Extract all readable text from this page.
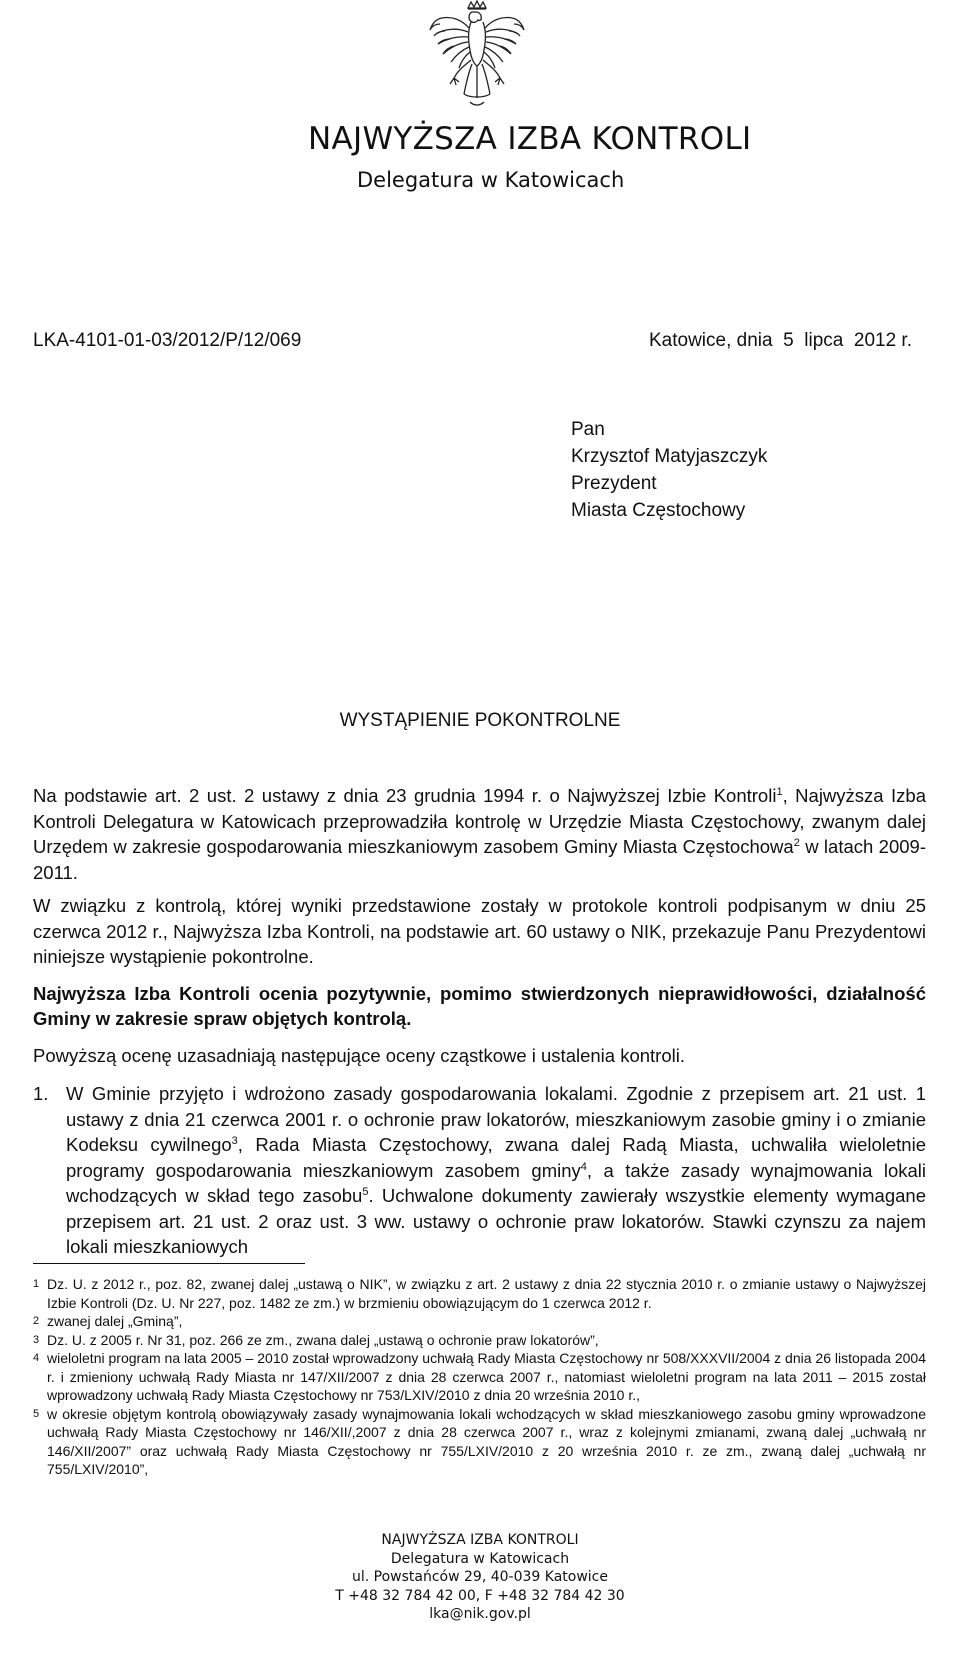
NAJWYŻSZA IZBA KONTROLI
Delegatura w Katowicach
LKA-4101-01-03/2012/P/12/069	Katowice, dnia  5  lipca  2012 r.
Pan
Krzysztof Matyjaszczyk
Prezydent
Miasta Częstochowy
WYSTĄPIENIE POKONTROLNE

Na podstawie art. 2 ust. 2 ustawy z dnia 23 grudnia 1994 r. o Najwyższej Izbie Kontroli$^1$, Najwyższa Izba Kontroli Delegatura w Katowicach przeprowadziła kontrolę w Urzędzie Miasta Częstochowy, zwanym dalej Urzędem w zakresie gospodarowania mieszkaniowym zasobem Gminy Miasta Częstochowa$^2$ w latach 2009-2011.

W związku z kontrolą, której wyniki przedstawione zostały w protokole kontroli podpisanym w dniu 25 czerwca 2012 r., Najwyższa Izba Kontroli, na podstawie art. 60 ustawy o NIK, przekazuje Panu Prezydentowi niniejsze wystąpienie pokontrolne.

Najwyższa Izba Kontroli ocenia pozytywnie, pomimo stwierdzonych nieprawidłowości, działalność Gminy w zakresie spraw objętych kontrolą.

Powyższą ocenę uzasadniają następujące oceny cząstkowe i ustalenia kontroli.

1. W Gminie przyjęto i wdrożono zasady gospodarowania lokalami. Zgodnie z przepisem art. 21 ust. 1 ustawy z dnia 21 czerwca 2001 r. o ochronie praw lokatorów, mieszkaniowym zasobie gminy i o zmianie Kodeksu cywilnego$^3$, Rada Miasta Częstochowy, zwana dalej Radą Miasta, uchwaliła wieloletnie programy gospodarowania mieszkaniowym zasobem gminy$^4$, a także zasady wynajmowania lokali wchodzących w skład tego zasobu$^5$. Uchwalone dokumenty zawierały wszystkie elementy wymagane przepisem art. 21 ust. 2 oraz ust. 3 ww. ustawy o ochronie praw lokatorów. Stawki czynszu za najem lokali mieszkaniowych
1 Dz. U. z 2012 r., poz. 82, zwanej dalej „ustawą o NIK”, w związku z art. 2 ustawy z dnia 22 stycznia 2010 r. o zmianie ustawy o Najwyższej Izbie Kontroli (Dz. U. Nr 227, poz. 1482 ze zm.) w brzmieniu obowiązującym do 1 czerwca 2012 r.
2 zwanej dalej „Gminą”,
3 Dz. U. z 2005 r. Nr 31, poz. 266 ze zm., zwana dalej „ustawą o ochronie praw lokatorów”,
4 wieloletni program na lata 2005 – 2010 został wprowadzony uchwałą Rady Miasta Częstochowy nr 508/XXXVII/2004 z dnia 26 listopada 2004 r. i zmieniony uchwałą Rady Miasta nr 147/XII/2007 z dnia 28 czerwca 2007 r., natomiast wieloletni program na lata 2011 – 2015 został wprowadzony uchwałą Rady Miasta Częstochowy nr 753/LXIV/2010 z dnia 20 września 2010 r.,
5 w okresie objętym kontrolą obowiązywały zasady wynajmowania lokali wchodzących w skład mieszkaniowego zasobu gminy wprowadzone uchwałą Rady Miasta Częstochowy nr 146/XII/,2007 z dnia 28 czerwca 2007 r., wraz z kolejnymi zmianami, zwaną dalej „uchwałą nr 146/XII/2007” oraz uchwałą Rady Miasta Częstochowy nr 755/LXIV/2010 z 20 września 2010 r. ze zm., zwaną dalej „uchwałą nr 755/LXIV/2010”,
NAJWYŻSZA IZBA KONTROLI
Delegatura w Katowicach
ul. Powstańców 29, 40-039 Katowice
T +48 32 784 42 00, F +48 32 784 42 30
lka@nik.gov.pl
